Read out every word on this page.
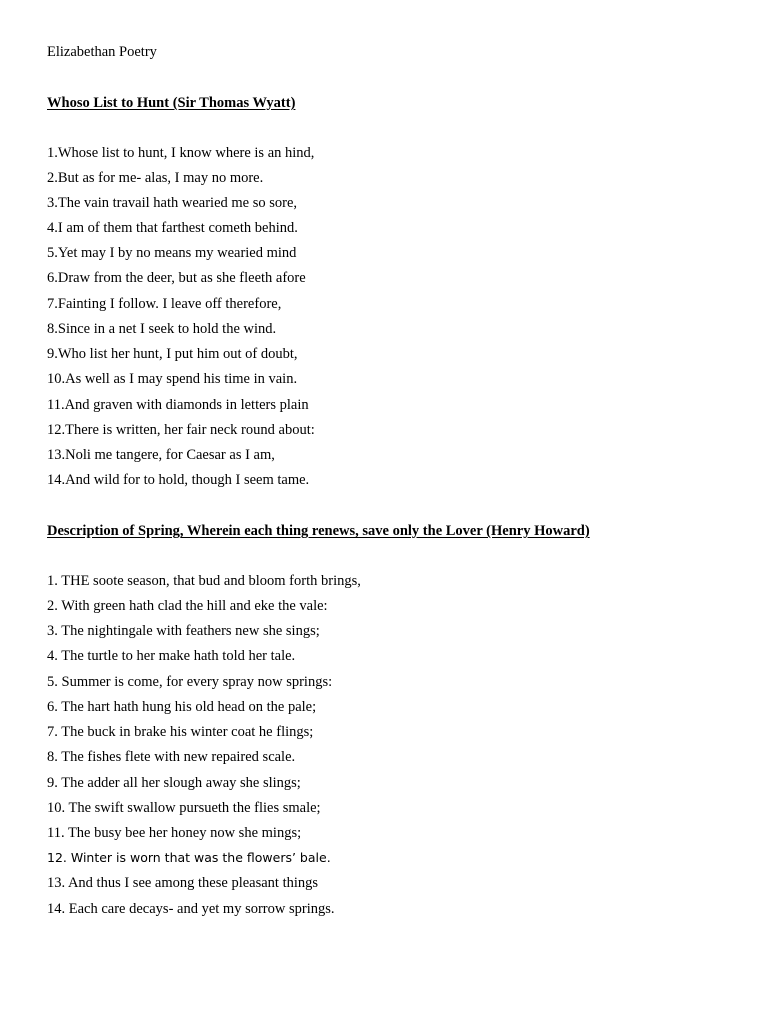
Elizabethan Poetry
Whoso List to Hunt (Sir Thomas Wyatt)
1.Whose list to hunt, I know where is an hind,
2.But as for me- alas, I may no more.
3.The vain travail hath wearied me so sore,
4.I am of them that farthest cometh behind.
5.Yet may I by no means my wearied mind
6.Draw from the deer, but as she fleeth afore
7.Fainting I follow. I leave off therefore,
8.Since in a net I seek to hold the wind.
9.Who list her hunt, I put him out of doubt,
10.As well as I may spend his time in vain.
11.And graven with diamonds in letters plain
12.There is written, her fair neck round about:
13.Noli me tangere, for Caesar as I am,
14.And wild for to hold, though I seem tame.
Description of Spring, Wherein each thing renews, save only the Lover (Henry Howard)
1. THE soote season, that bud and bloom forth brings,
2. With green hath clad the hill and eke the vale:
3. The nightingale with feathers new she sings;
4. The turtle to her make hath told her tale.
5. Summer is come, for every spray now springs:
6. The hart hath hung his old head on the pale;
7. The buck in brake his winter coat he flings;
8. The fishes flete with new repaired scale.
9. The adder all her slough away she slings;
10. The swift swallow pursueth the flies smale;
11. The busy bee her honey now she mings;
12. Winter is worn that was the flowers’ bale.
13. And thus I see among these pleasant things
14. Each care decays- and yet my sorrow springs.
